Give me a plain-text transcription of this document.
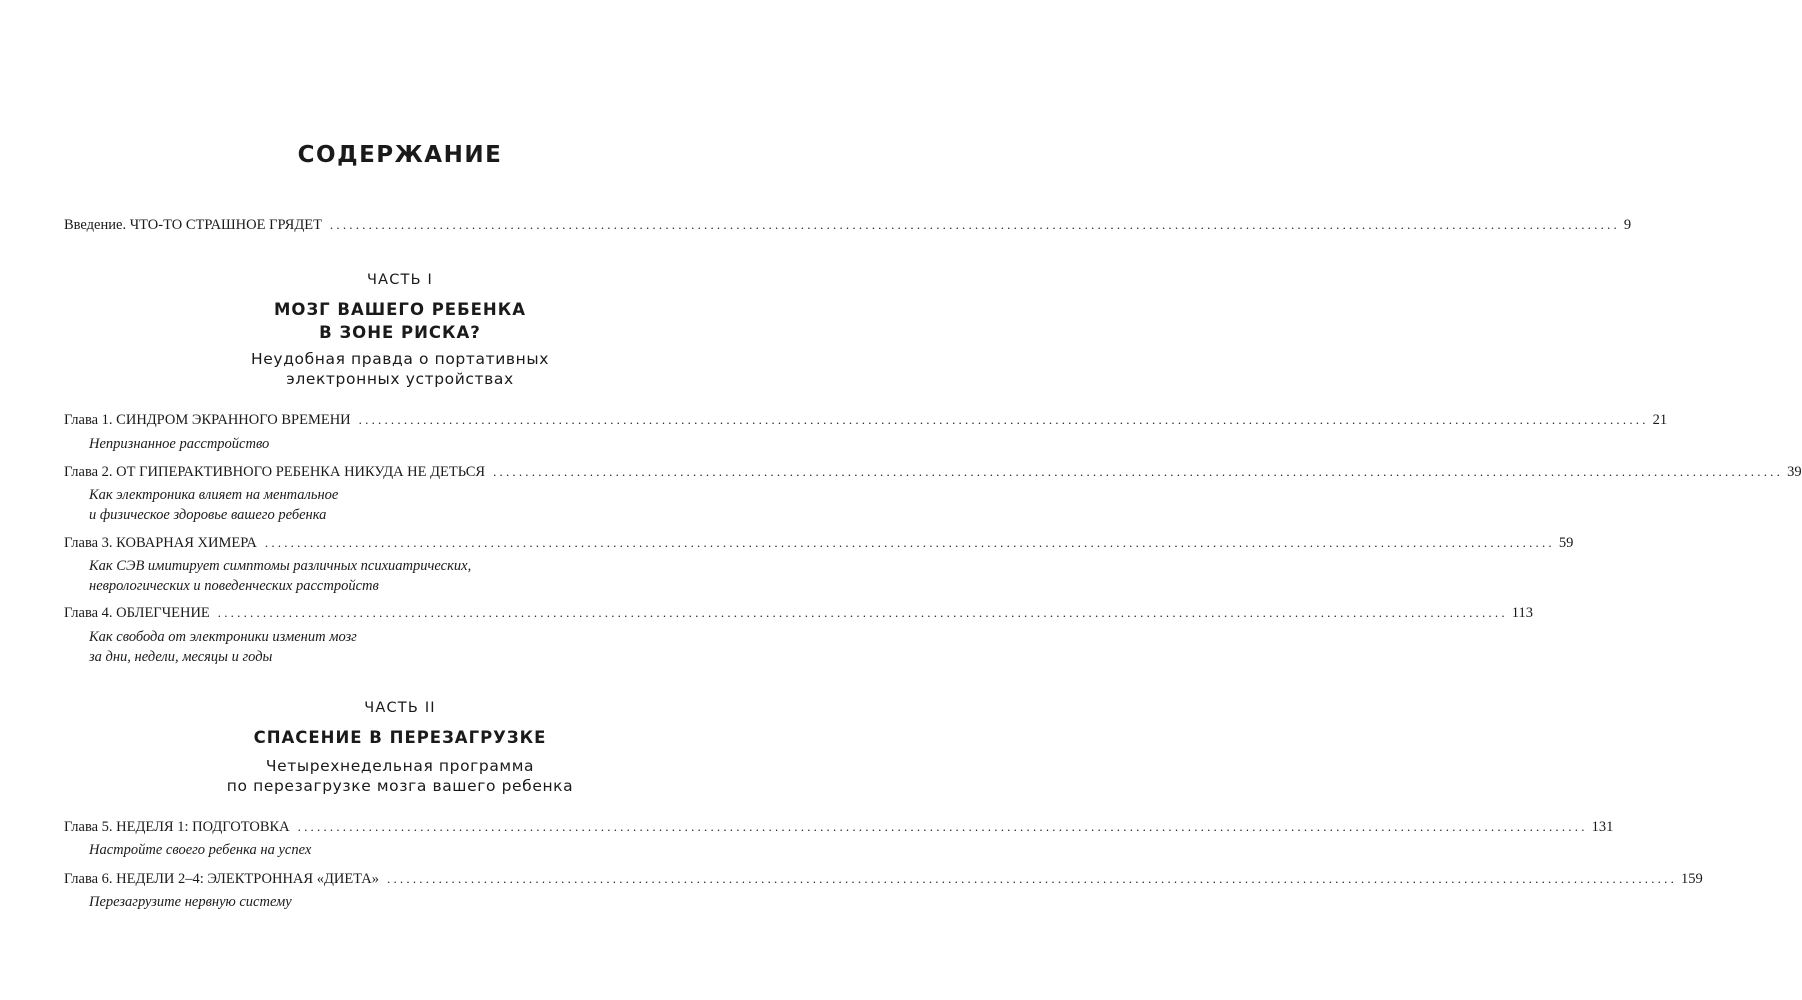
СОДЕРЖАНИЕ
Введение. ЧТО-ТО СТРАШНОЕ ГРЯДЕТ ........................................................................................................................................................................................................ 9
ЧАСТЬ I
МОЗГ ВАШЕГО РЕБЕНКА
В ЗОНЕ РИСКА?
Неудобная правда о портативных
электронных устройствах
Глава 1. СИНДРОМ ЭКРАННОГО ВРЕМЕНИ ........................................................................................................................................................................................................ 21
Непризнанное расстройство
Глава 2. ОТ ГИПЕРАКТИВНОГО РЕБЕНКА НИКУДА НЕ ДЕТЬСЯ ........................................................................................................................................................................................................ 39
Как электроника влияет на ментальное
и физическое здоровье вашего ребенка
Глава 3. КОВАРНАЯ ХИМЕРА ........................................................................................................................................................................................................ 59
Как СЭВ имитирует симптомы различных психиатрических,
неврологических и поведенческих расстройств
Глава 4. ОБЛЕГЧЕНИЕ ........................................................................................................................................................................................................ 113
Как свобода от электроники изменит мозг
за дни, недели, месяцы и годы
ЧАСТЬ II
СПАСЕНИЕ В ПЕРЕЗАГРУЗКЕ
Четырехнедельная программа
по перезагрузке мозга вашего ребенка
Глава 5. НЕДЕЛЯ 1: ПОДГОТОВКА ........................................................................................................................................................................................................ 131
Настройте своего ребенка на успех
Глава 6. НЕДЕЛИ 2–4: ЭЛЕКТРОННАЯ «ДИЕТА» ........................................................................................................................................................................................................ 159
Перезагрузите нервную систему
